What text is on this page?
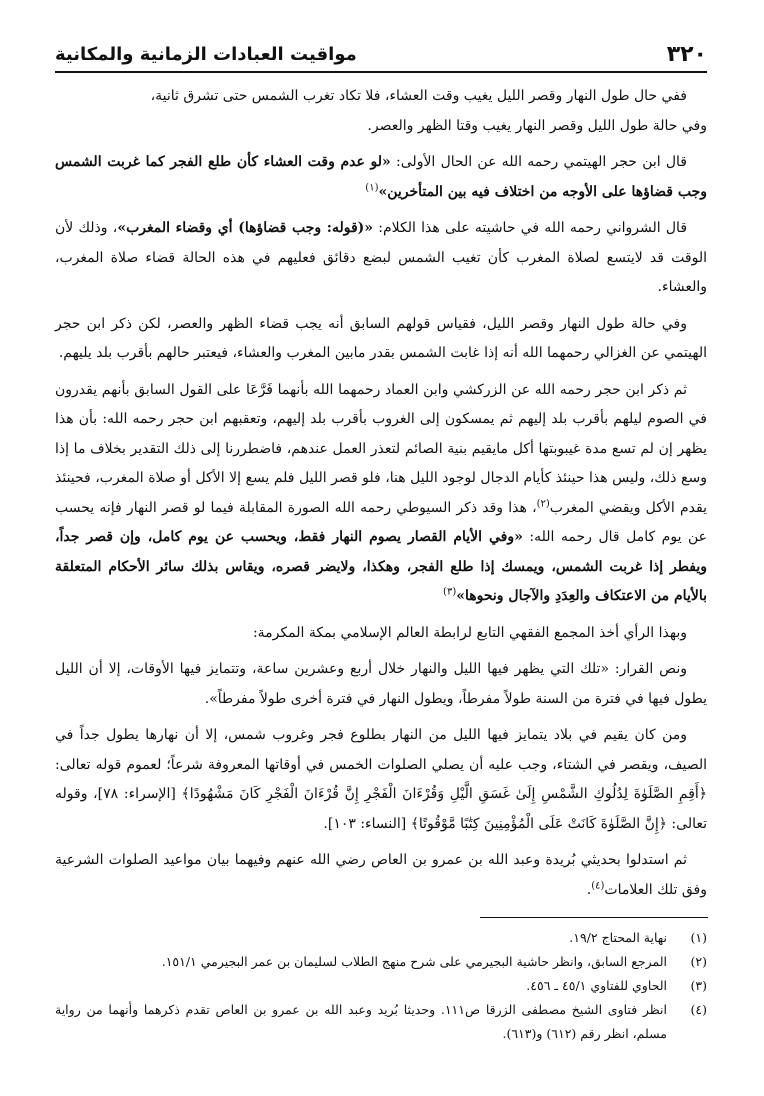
٣٢٠
مواقيت العبادات الزمانية والمكانية

ففي حال طول النهار وقصر الليل يغيب وقت العشاء، فلا تكاد تغرب الشمس حتى تشرق ثانية،
وفي حالة طول الليل وقصر النهار يغيب وقتا الظهر والعصر.

قال ابن حجر الهيتمي رحمه الله عن الحال الأولى: «لو عدم وقت العشاء كأن طلع الفجر كما غربت الشمس وجب قضاؤها على الأوجه من اختلاف فيه بين المتأخرين»$^{(١)}$

قال الشرواني رحمه الله في حاشيته على هذا الكلام: «(قوله: وجب قضاؤها) أي وقضاء المغرب»، وذلك لأن الوقت قد لايتسع لصلاة المغرب كأن تغيب الشمس لبضع دقائق فعليهم في هذه الحالة قضاء صلاة المغرب، والعشاء.

وفي حالة طول النهار وقصر الليل، فقياس قولهم السابق أنه يجب قضاء الظهر والعصر، لكن ذكر ابن حجر الهيتمي عن الغزالي رحمهما الله أنه إذا غابت الشمس بقدر مابين المغرب والعشاء، فيعتبر حالهم بأقرب بلد يليهم.

ثم ذكر ابن حجر رحمه الله عن الزركشي وابن العماد رحمهما الله بأنهما فَرَّعَا على القول السابق بأنهم يقدرون في الصوم ليلهم بأقرب بلد إليهم ثم يمسكون إلى الغروب بأقرب بلد إليهم، وتعقبهم ابن حجر رحمه الله: بأن هذا يظهر إن لم تسع مدة غيبوبتها أكل مايقيم بنية الصائم لتعذر العمل عندهم، فاضطررنا إلى ذلك التقدير بخلاف ما إذا وسع ذلك، وليس هذا حينئذ كأيام الدجال لوجود الليل هنا، فلو قصر الليل فلم يسع إلا الأكل أو صلاة المغرب، فحينئذ يقدم الأكل ويقضي المغرب$^{(٢)}$، هذا وقد ذكر السيوطي رحمه الله الصورة المقابلة فيما لو قصر النهار فإنه يحسب عن يوم كامل قال رحمه الله: «وفي الأيام القصار يصوم النهار فقط، ويحسب عن يوم كامل، وإن قصر جداً، ويفطر إذا غربت الشمس، ويمسك إذا طلع الفجر، وهكذا، ولايضر قصره، ويقاس بذلك سائر الأحكام المتعلقة بالأيام من الاعتكاف والعِدَدِ والآجال ونحوها»$^{(٣)}$

وبهذا الرأي أخذ المجمع الفقهي التابع لرابطة العالم الإسلامي بمكة المكرمة:

ونص القرار: «تلك التي يظهر فيها الليل والنهار خلال أربع وعشرين ساعة، وتتمايز فيها الأوقات، إلا أن الليل يطول فيها في فترة من السنة طولاً مفرطاً، ويطول النهار في فترة أخرى طولاً مفرطاً».

ومن كان يقيم في بلاد يتمايز فيها الليل من النهار بطلوع فجر وغروب شمس، إلا أن نهارها يطول جداً في الصيف، ويقصر في الشتاء، وجب عليه أن يصلي الصلوات الخمس في أوقاتها المعروفة شرعاً؛ لعموم قوله تعالى: ﴿أَقِمِ الصَّلَوٰةَ لِدُلُوكِ الشَّمْسِ إِلَىٰ غَسَقِ الَّيْلِ وَقُرْءَانَ الْفَجْرِ إِنَّ قُرْءَانَ الْفَجْرِ كَانَ مَشْهُودًا﴾ [الإسراء: ٧٨]، وقوله تعالى: ﴿إِنَّ الصَّلَوٰةَ كَانَتْ عَلَى الْمُؤْمِنِينَ كِتَٰبًا مَّوْقُوتًا﴾ [النساء: ١٠٣].

ثم استدلوا بحديثي بُريدة وعبد الله بن عمرو بن العاص رضي الله عنهم وفيهما بيان مواعيد الصلوات الشرعية وفق تلك العلامات$^{(٤)}$.

(١)
نهاية المحتاج ١٩/٢.
(٢)
المرجع السابق، وانظر حاشية البجيرمي على شرح منهج الطلاب لسليمان بن عمر البجيرمي ١٥١/١.
(٣)
الحاوي للفتاوي ٤٥/١ ـ ٤٥٦.
(٤)
انظر فتاوى الشيخ مصطفى الزرقا ص١١١. وحديثا بُريد وعبد الله بن عمرو بن العاص تقدم ذكرهما وأنهما من رواية مسلم، انظر رقم (٦١٢) و(٦١٣).
